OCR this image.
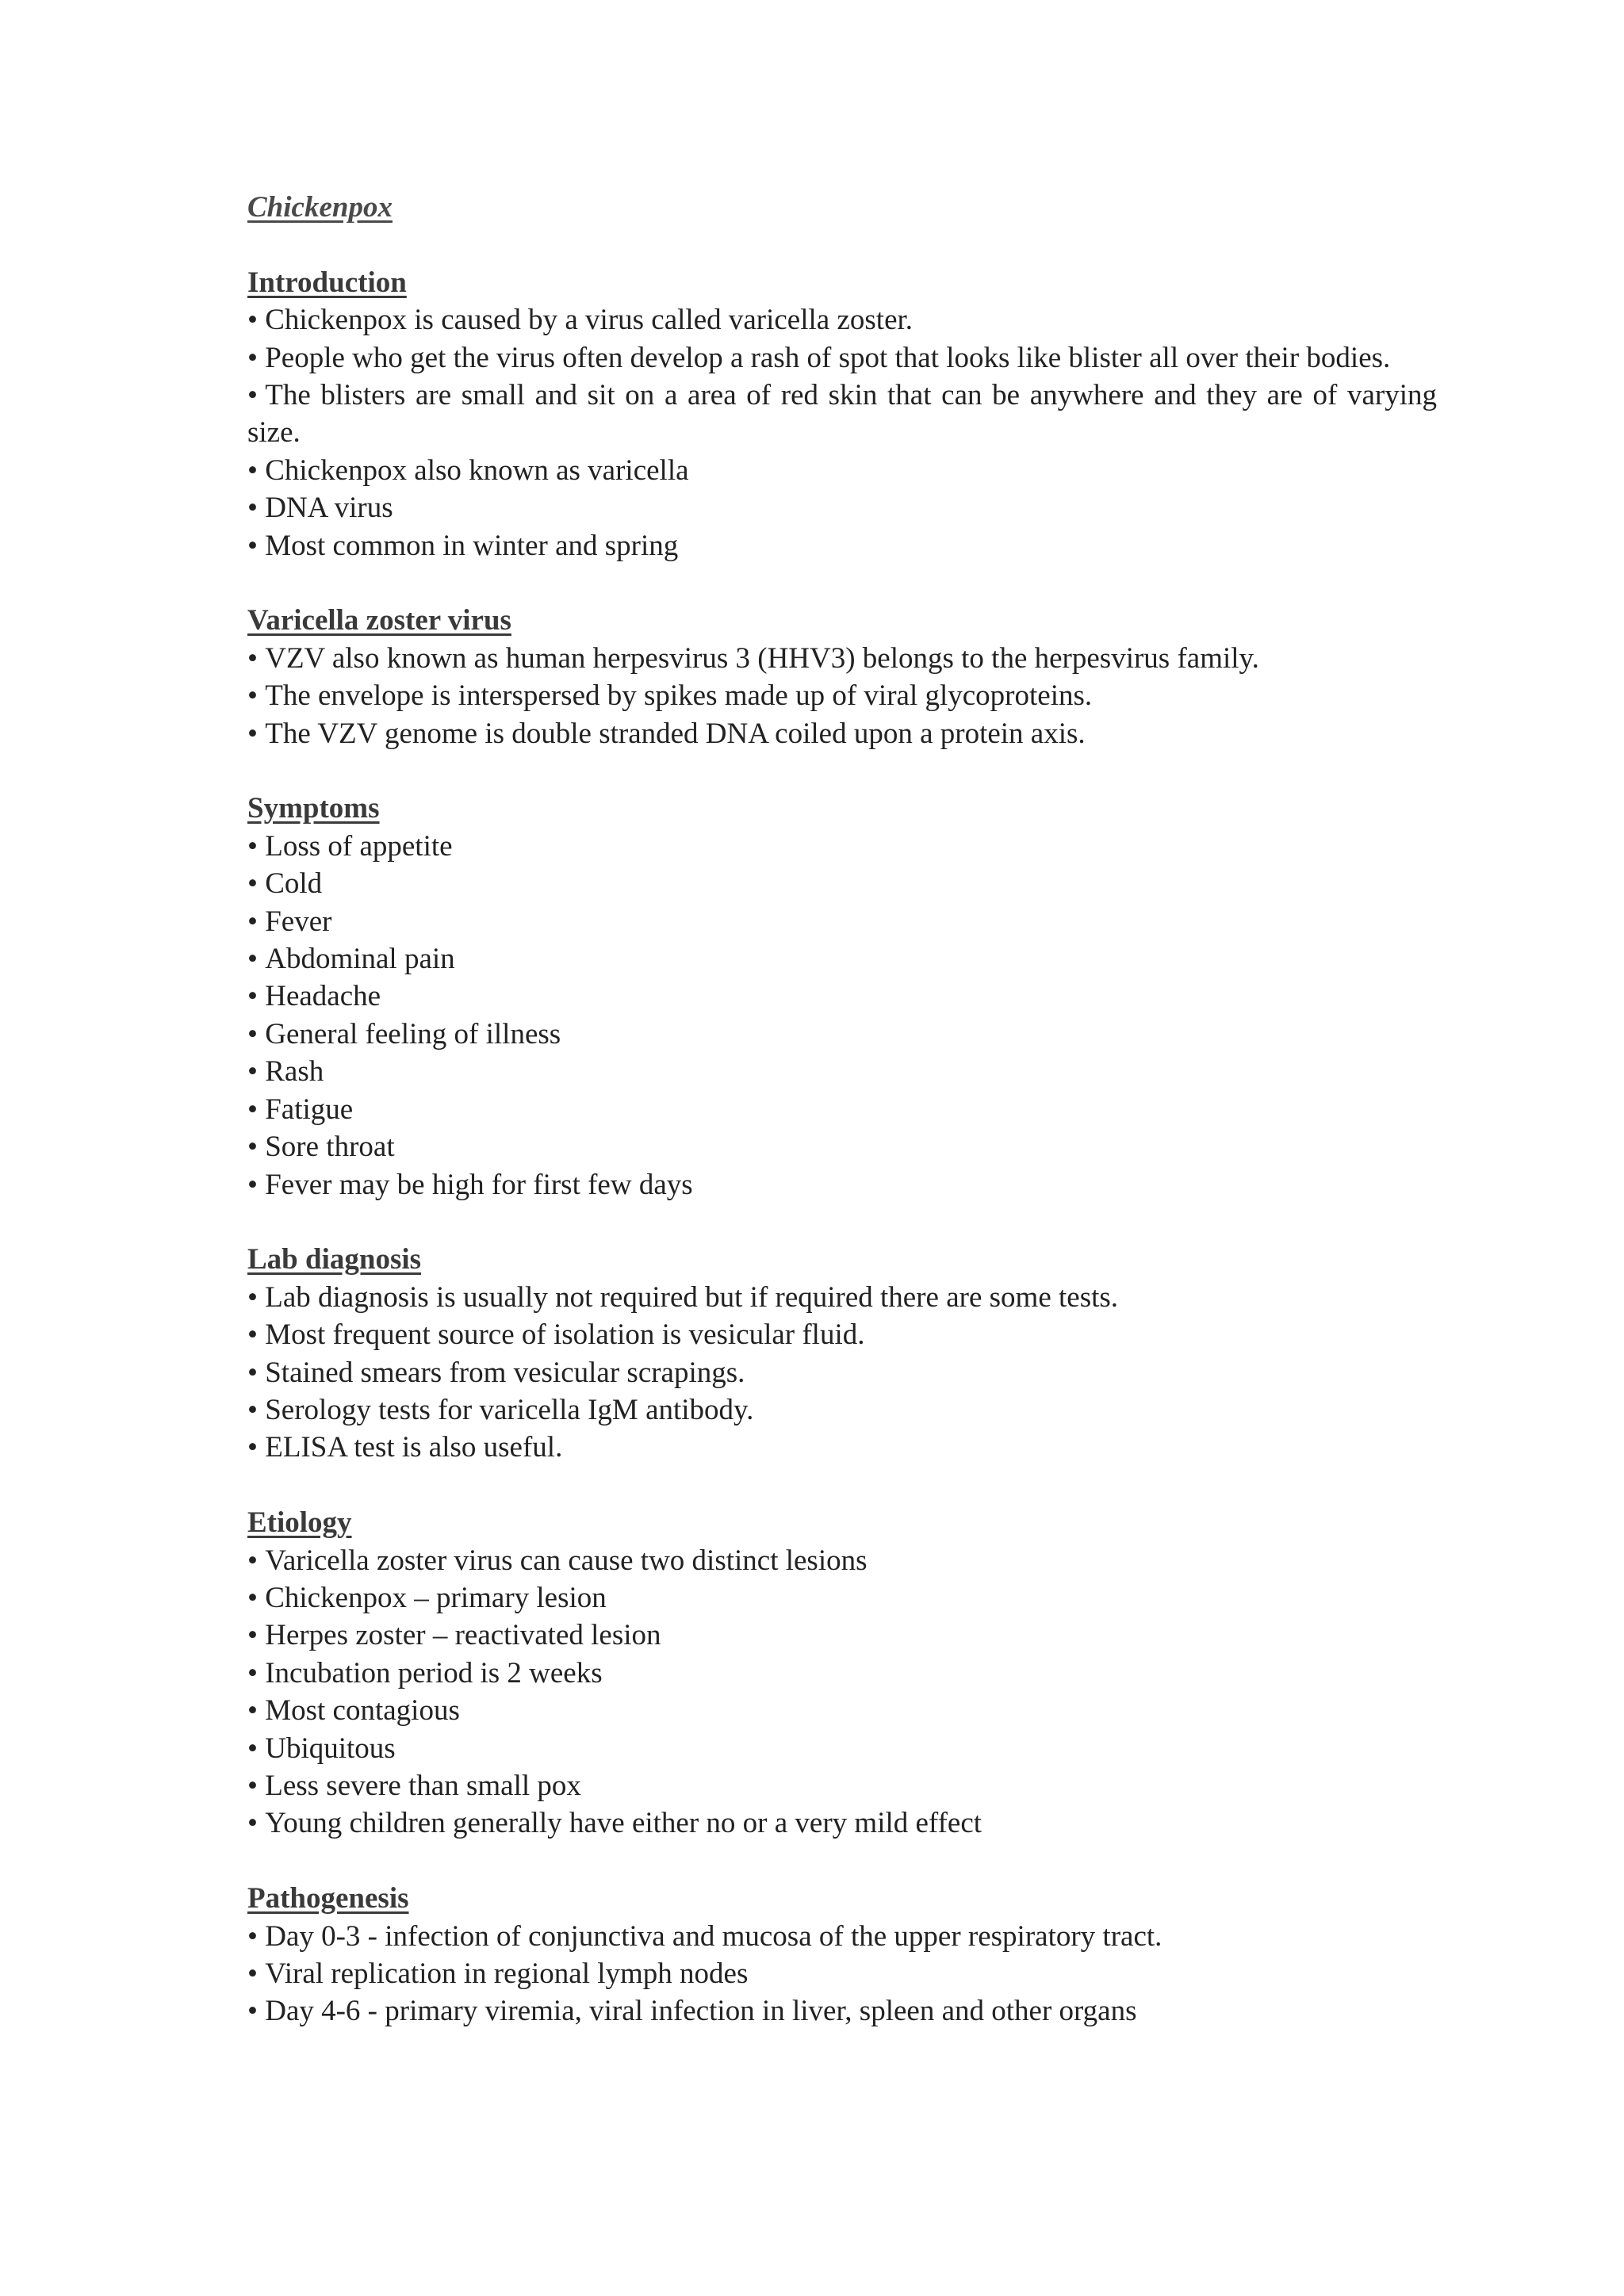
Chickenpox
Introduction
• Chickenpox is caused by a virus called varicella zoster.
• People who get the virus often develop a rash of spot that looks like blister all over their bodies.
• The blisters are small and sit on a area of red skin that can be anywhere and they are of varying size.
• Chickenpox also known as varicella
• DNA virus
• Most common in winter and spring
Varicella zoster virus
• VZV also known as human herpesvirus 3 (HHV3) belongs to the herpesvirus family.
• The envelope is interspersed by spikes made up of viral glycoproteins.
• The VZV genome is double stranded DNA coiled upon a protein axis.
Symptoms
• Loss of appetite
• Cold
• Fever
• Abdominal pain
• Headache
• General feeling of illness
• Rash
• Fatigue
• Sore throat
• Fever may be high for first few days
Lab diagnosis
• Lab diagnosis is usually not required but if required there are some tests.
• Most frequent source of isolation is vesicular fluid.
• Stained smears from vesicular scrapings.
• Serology tests for varicella IgM antibody.
• ELISA test is also useful.
Etiology
• Varicella zoster virus can cause two distinct lesions
• Chickenpox – primary lesion
• Herpes zoster – reactivated lesion
• Incubation period is 2 weeks
• Most contagious
• Ubiquitous
• Less severe than small pox
• Young children generally have either no or a very mild effect
Pathogenesis
• Day 0-3 - infection of conjunctiva and mucosa of the upper respiratory tract.
• Viral replication in regional lymph nodes
• Day 4-6 - primary viremia, viral infection in liver, spleen and other organs
